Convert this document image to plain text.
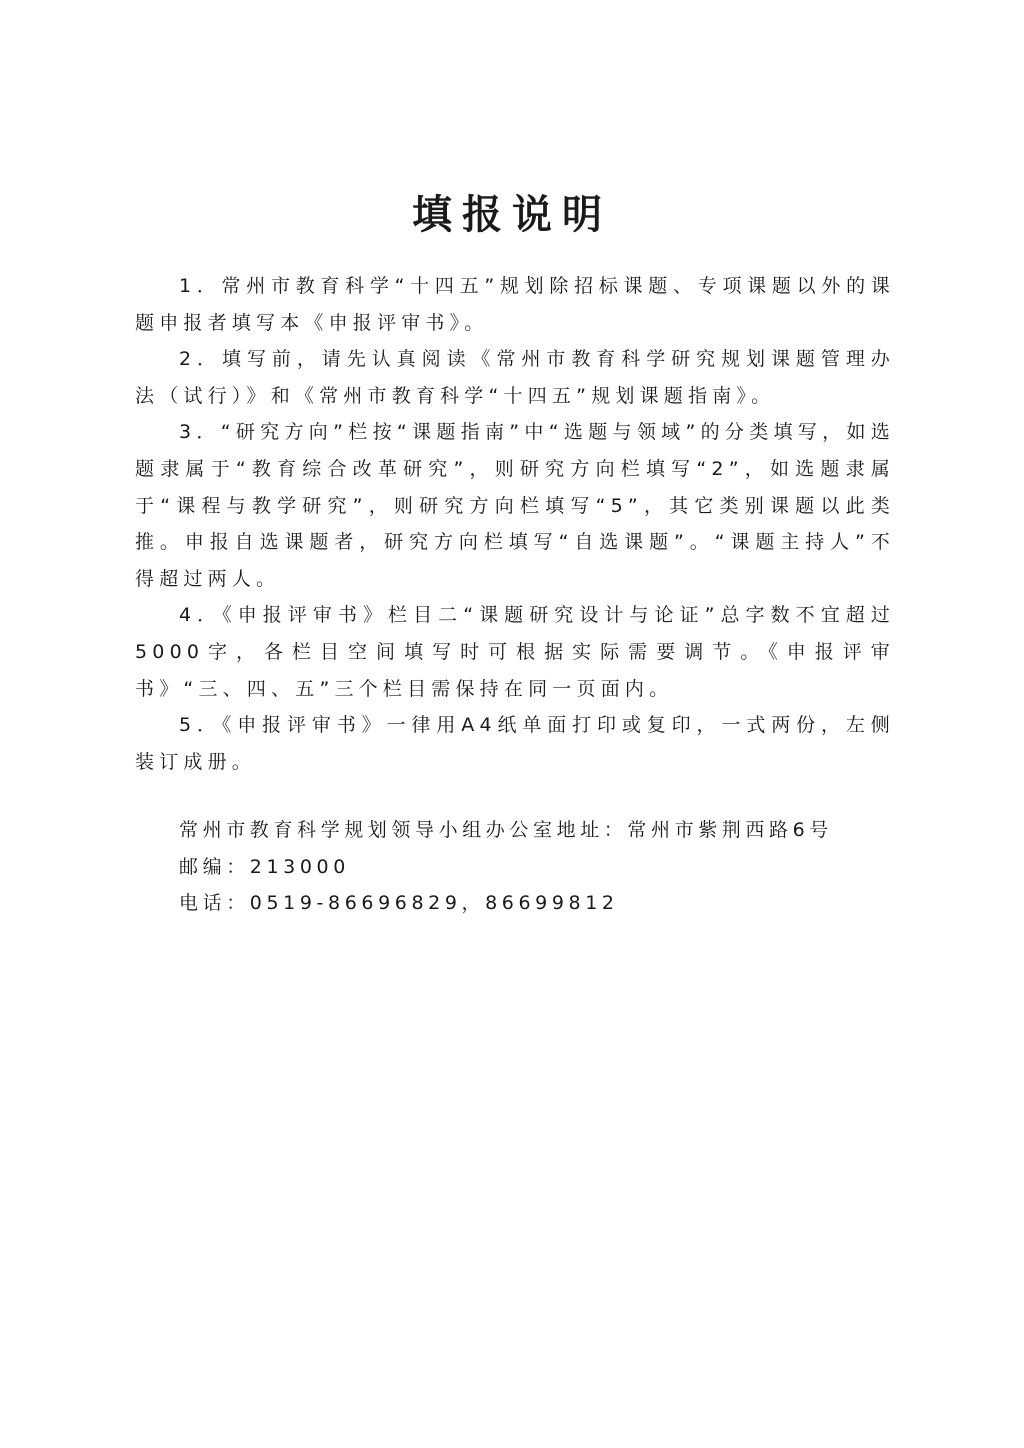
填报说明

1．常州市教育科学“十四五”规划除招标课题、专项课题以外的课题申报者填写本《申报评审书》。

2．填写前，请先认真阅读《常州市教育科学研究规划课题管理办法（试行）》和《常州市教育科学“十四五”规划课题指南》。

3．“研究方向”栏按“课题指南”中“选题与领域”的分类填写，如选题隶属于“教育综合改革研究”，则研究方向栏填写“2”，如选题隶属于“课程与教学研究”，则研究方向栏填写“5”，其它类别课题以此类推。申报自选课题者，研究方向栏填写“自选课题”。“课题主持人”不得超过两人。

4．《申报评审书》栏目二“课题研究设计与论证”总字数不宜超过5000字，各栏目空间填写时可根据实际需要调节。《申报评审书》“三、四、五”三个栏目需保持在同一页面内。

5．《申报评审书》一律用A4纸单面打印或复印，一式两份，左侧装订成册。

常州市教育科学规划领导小组办公室地址：常州市紫荆西路6号

邮编：213000

电话：0519-86696829，86699812
